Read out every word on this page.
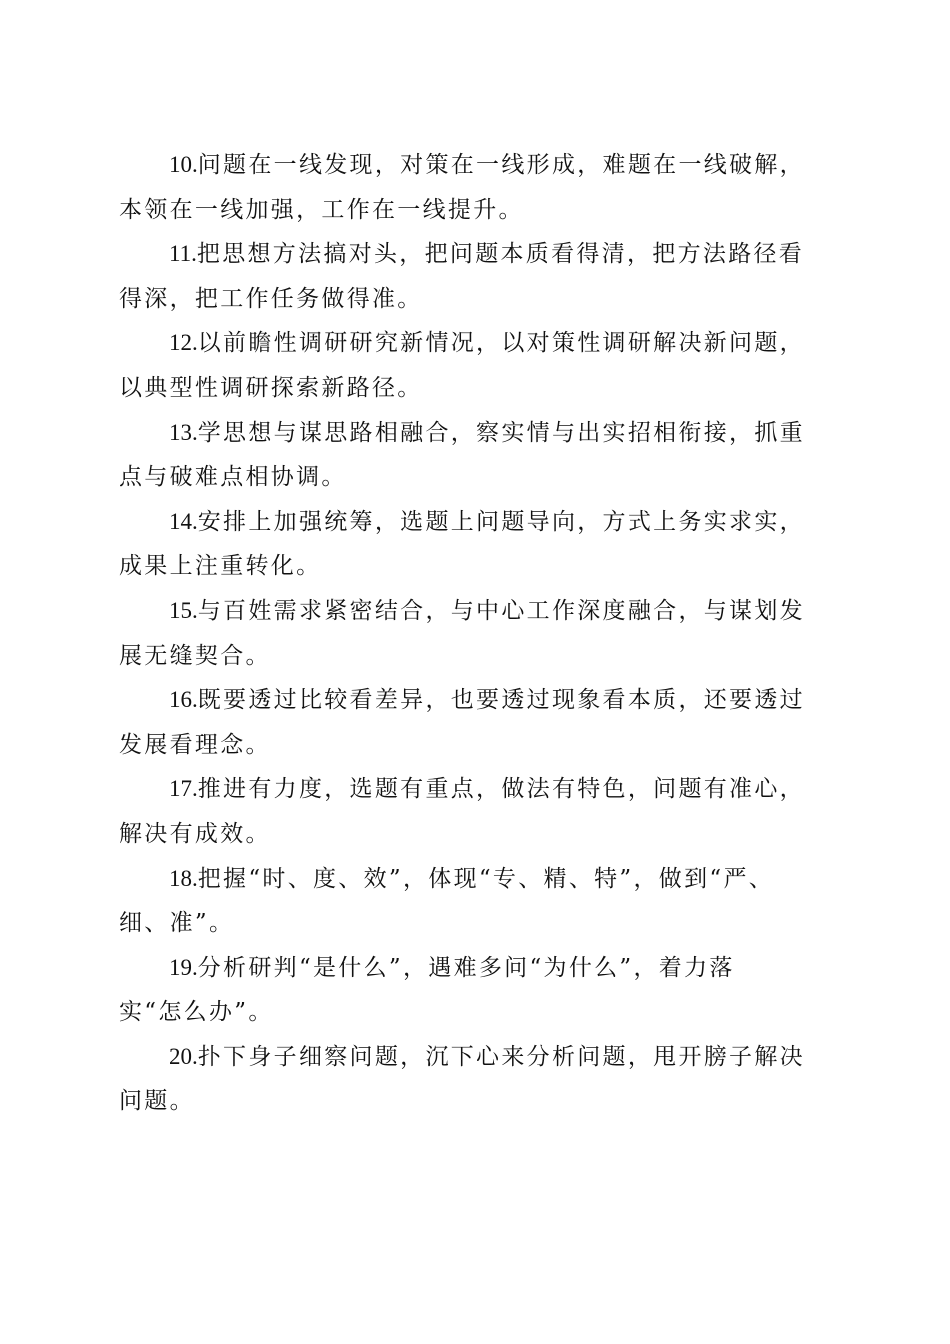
10.问题在一线发现，对策在一线形成，难题在一线破解，
本领在一线加强，工作在一线提升。
11.把思想方法搞对头，把问题本质看得清，把方法路径看
得深，把工作任务做得准。
12.以前瞻性调研研究新情况，以对策性调研解决新问题，
以典型性调研探索新路径。
13.学思想与谋思路相融合，察实情与出实招相衔接，抓重
点与破难点相协调。
14.安排上加强统筹，选题上问题导向，方式上务实求实，
成果上注重转化。
15.与百姓需求紧密结合，与中心工作深度融合，与谋划发
展无缝契合。
16.既要透过比较看差异，也要透过现象看本质，还要透过
发展看理念。
17.推进有力度，选题有重点，做法有特色，问题有准心，
解决有成效。
18.把握“时、度、效”，体现“专、精、特”，做到“严、
细、准”。
19.分析研判“是什么”，遇难多问“为什么”，着力落
实“怎么办”。
20.扑下身子细察问题，沉下心来分析问题，甩开膀子解决
问题。
